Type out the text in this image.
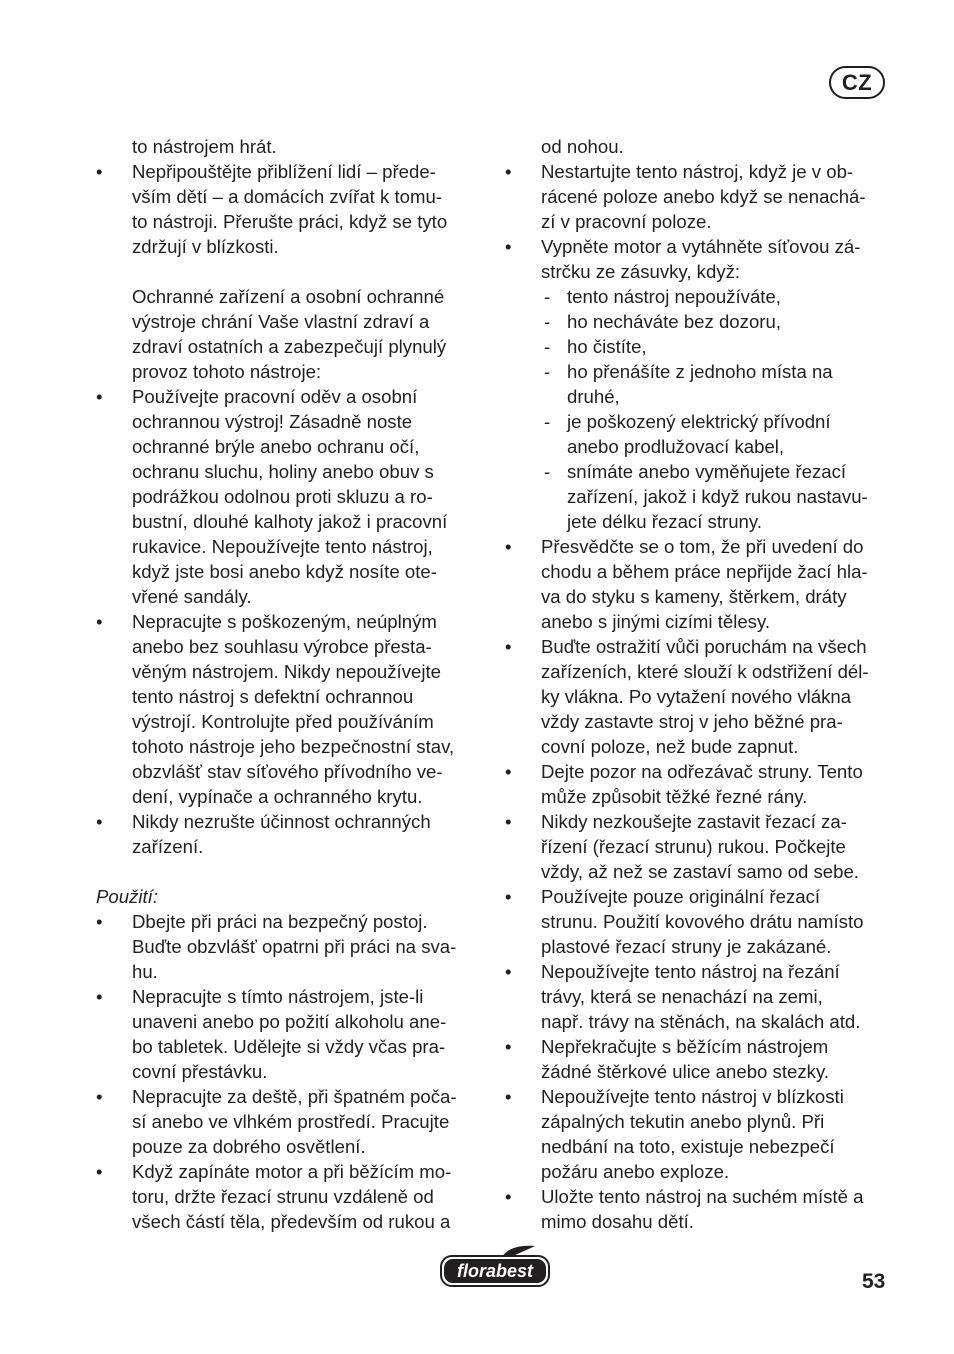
CZ
to nástrojem hrát.
•	Nepřipouštějte přiblížení lidí – přede-
vším dětí – a domácích zvířat k tomu-
to nástroji. Přerušte práci, když se tyto
zdržují v blízkosti.
Ochranné zařízení a osobní ochranné
výstroje chrání Vaše vlastní zdraví a
zdraví ostatních a zabezpečují plynulý
provoz tohoto nástroje:
•	Používejte pracovní oděv a osobní
ochrannou výstroj! Zásadně noste
ochranné brýle anebo ochranu očí,
ochranu sluchu, holiny anebo obuv s
podrážkou odolnou proti skluzu a ro-
bustní, dlouhé kalhoty jakož i pracovní
rukavice. Nepoužívejte tento nástroj,
když jste bosi anebo když nosíte ote-
vřené sandály.
•	Nepracujte s poškozeným, neúplným
anebo bez souhlasu výrobce přesta-
věným nástrojem. Nikdy nepoužívejte
tento nástroj s defektní ochrannou
výstrojí. Kontrolujte před používáním
tohoto nástroje jeho bezpečnostní stav,
obzvlášť stav síťového přívodního ve-
dení, vypínače a ochranného krytu.
•	Nikdy nezrušte účinnost ochranných
zařízení.
Použití:
•	Dbejte při práci na bezpečný postoj.
Buďte obzvlášť opatrni při práci na sva-
hu.
•	Nepracujte s tímto nástrojem, jste-li
unaveni anebo po požití alkoholu ane-
bo tabletek. Udělejte si vždy včas pra-
covní přestávku.
•	Nepracujte za deště, při špatném poča-
sí anebo ve vlhkém prostředí. Pracujte
pouze za dobrého osvětlení.
•	Když zapínáte motor a při běžícím mo-
toru, držte řezací strunu vzdáleně od
všech částí těla, především od rukou a
od nohou.
•	Nestartujte tento nástroj, když je v ob-
rácené poloze anebo když se nenachá-
zí v pracovní poloze.
•	Vypněte motor a vytáhněte síťovou zá-
strčku ze zásuvky, když:
- tento nástroj nepoužíváte,
- ho necháváte bez dozoru,
- ho čistíte,
- ho přenášíte z jednoho místa na
druhé,
- je poškozený elektrický přívodní
anebo prodlužovací kabel,
- snímáte anebo vyměňujete řezací
zařízení, jakož i když rukou nastavu-
jete délku řezací struny.
•	Přesvědčte se o tom, že při uvedení do
chodu a během práce nepřijde žací hla-
va do styku s kameny, štěrkem, dráty
anebo s jinými cizími tělesy.
•	Buďte ostražití vůči poruchám na všech
zařízeních, které slouží k odstřižení dél-
ky vlákna. Po vytažení nového vlákna
vždy zastavte stroj v jeho běžné pra-
covní poloze, než bude zapnut.
•	Dejte pozor na odřezávač struny. Tento
může způsobit těžké řezné rány.
•	Nikdy nezkoušejte zastavit řezací za-
řízení (řezací strunu) rukou. Počkejte
vždy, až než se zastaví samo od sebe.
•	Používejte pouze originální řezací
strunu. Použití kovového drátu namísto
plastové řezací struny je zakázané.
•	Nepoužívejte tento nástroj na řezání
trávy, která se nenachází na zemi,
např. trávy na stěnách, na skalách atd.
•	Nepřekračujte s běžícím nástrojem
žádné štěrkové ulice anebo stezky.
•	Nepoužívejte tento nástroj v blízkosti
zápalných tekutin anebo plynů. Při
nedbání na toto, existuje nebezpečí
požáru anebo exploze.
•	Uložte tento nástroj na suchém místě a
mimo dosahu dětí.
florabest	53
